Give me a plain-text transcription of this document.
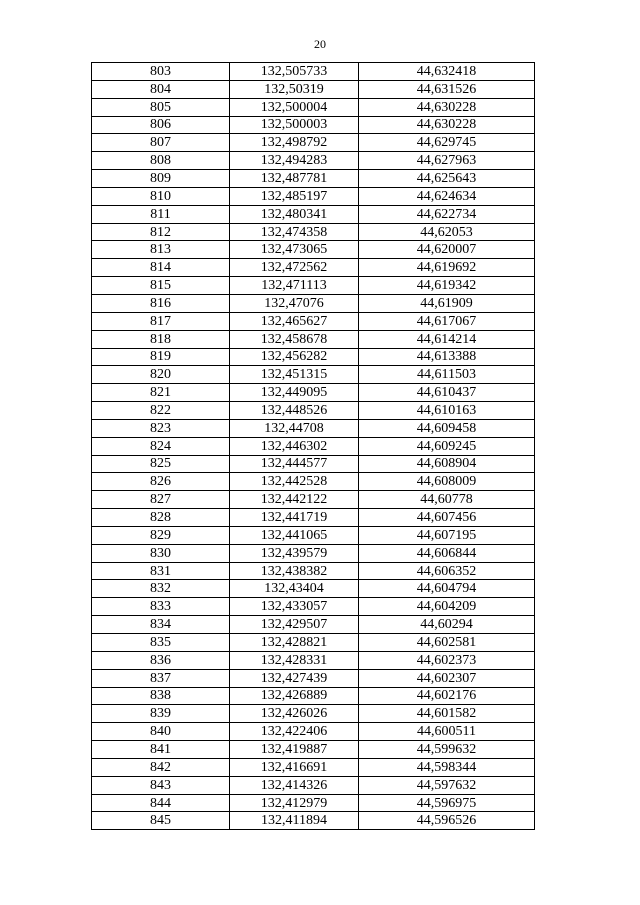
20
803	132,505733	44,632418
804	132,50319	44,631526
805	132,500004	44,630228
806	132,500003	44,630228
807	132,498792	44,629745
808	132,494283	44,627963
809	132,487781	44,625643
810	132,485197	44,624634
811	132,480341	44,622734
812	132,474358	44,62053
813	132,473065	44,620007
814	132,472562	44,619692
815	132,471113	44,619342
816	132,47076	44,61909
817	132,465627	44,617067
818	132,458678	44,614214
819	132,456282	44,613388
820	132,451315	44,611503
821	132,449095	44,610437
822	132,448526	44,610163
823	132,44708	44,609458
824	132,446302	44,609245
825	132,444577	44,608904
826	132,442528	44,608009
827	132,442122	44,60778
828	132,441719	44,607456
829	132,441065	44,607195
830	132,439579	44,606844
831	132,438382	44,606352
832	132,43404	44,604794
833	132,433057	44,604209
834	132,429507	44,60294
835	132,428821	44,602581
836	132,428331	44,602373
837	132,427439	44,602307
838	132,426889	44,602176
839	132,426026	44,601582
840	132,422406	44,600511
841	132,419887	44,599632
842	132,416691	44,598344
843	132,414326	44,597632
844	132,412979	44,596975
845	132,411894	44,596526
